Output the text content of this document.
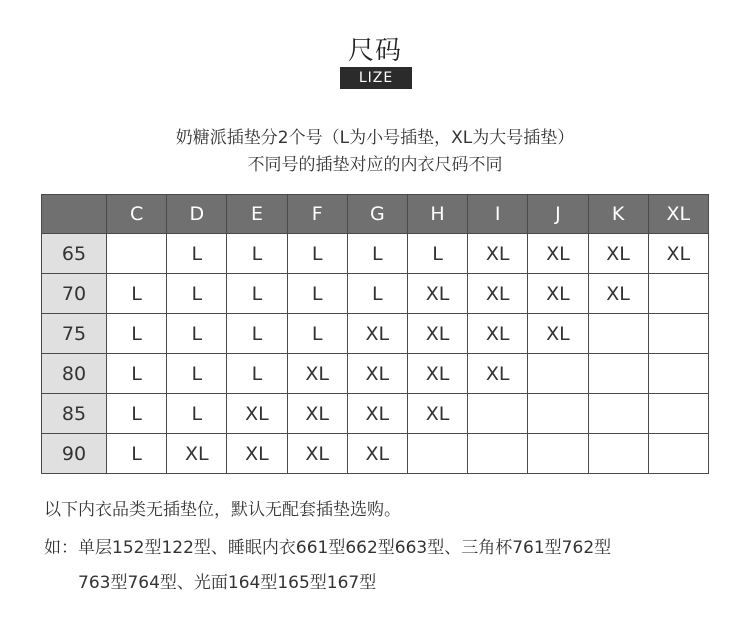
尺码
LIZE
奶糖派插垫分2个号（L为小号插垫，XL为大号插垫）
不同号的插垫对应的内衣尺码不同
	C	D	E	F	G	H	I	J	K	XL
65		L	L	L	L	L	XL	XL	XL	XL
70	L	L	L	L	L	XL	XL	XL	XL	
75	L	L	L	L	XL	XL	XL	XL		
80	L	L	L	XL	XL	XL	XL			
85	L	L	XL	XL	XL	XL				
90	L	XL	XL	XL	XL					
以下内衣品类无插垫位，默认无配套插垫选购。
如：单层152型122型、睡眠内衣661型662型663型、三角杯761型762型
763型764型、光面164型165型167型
